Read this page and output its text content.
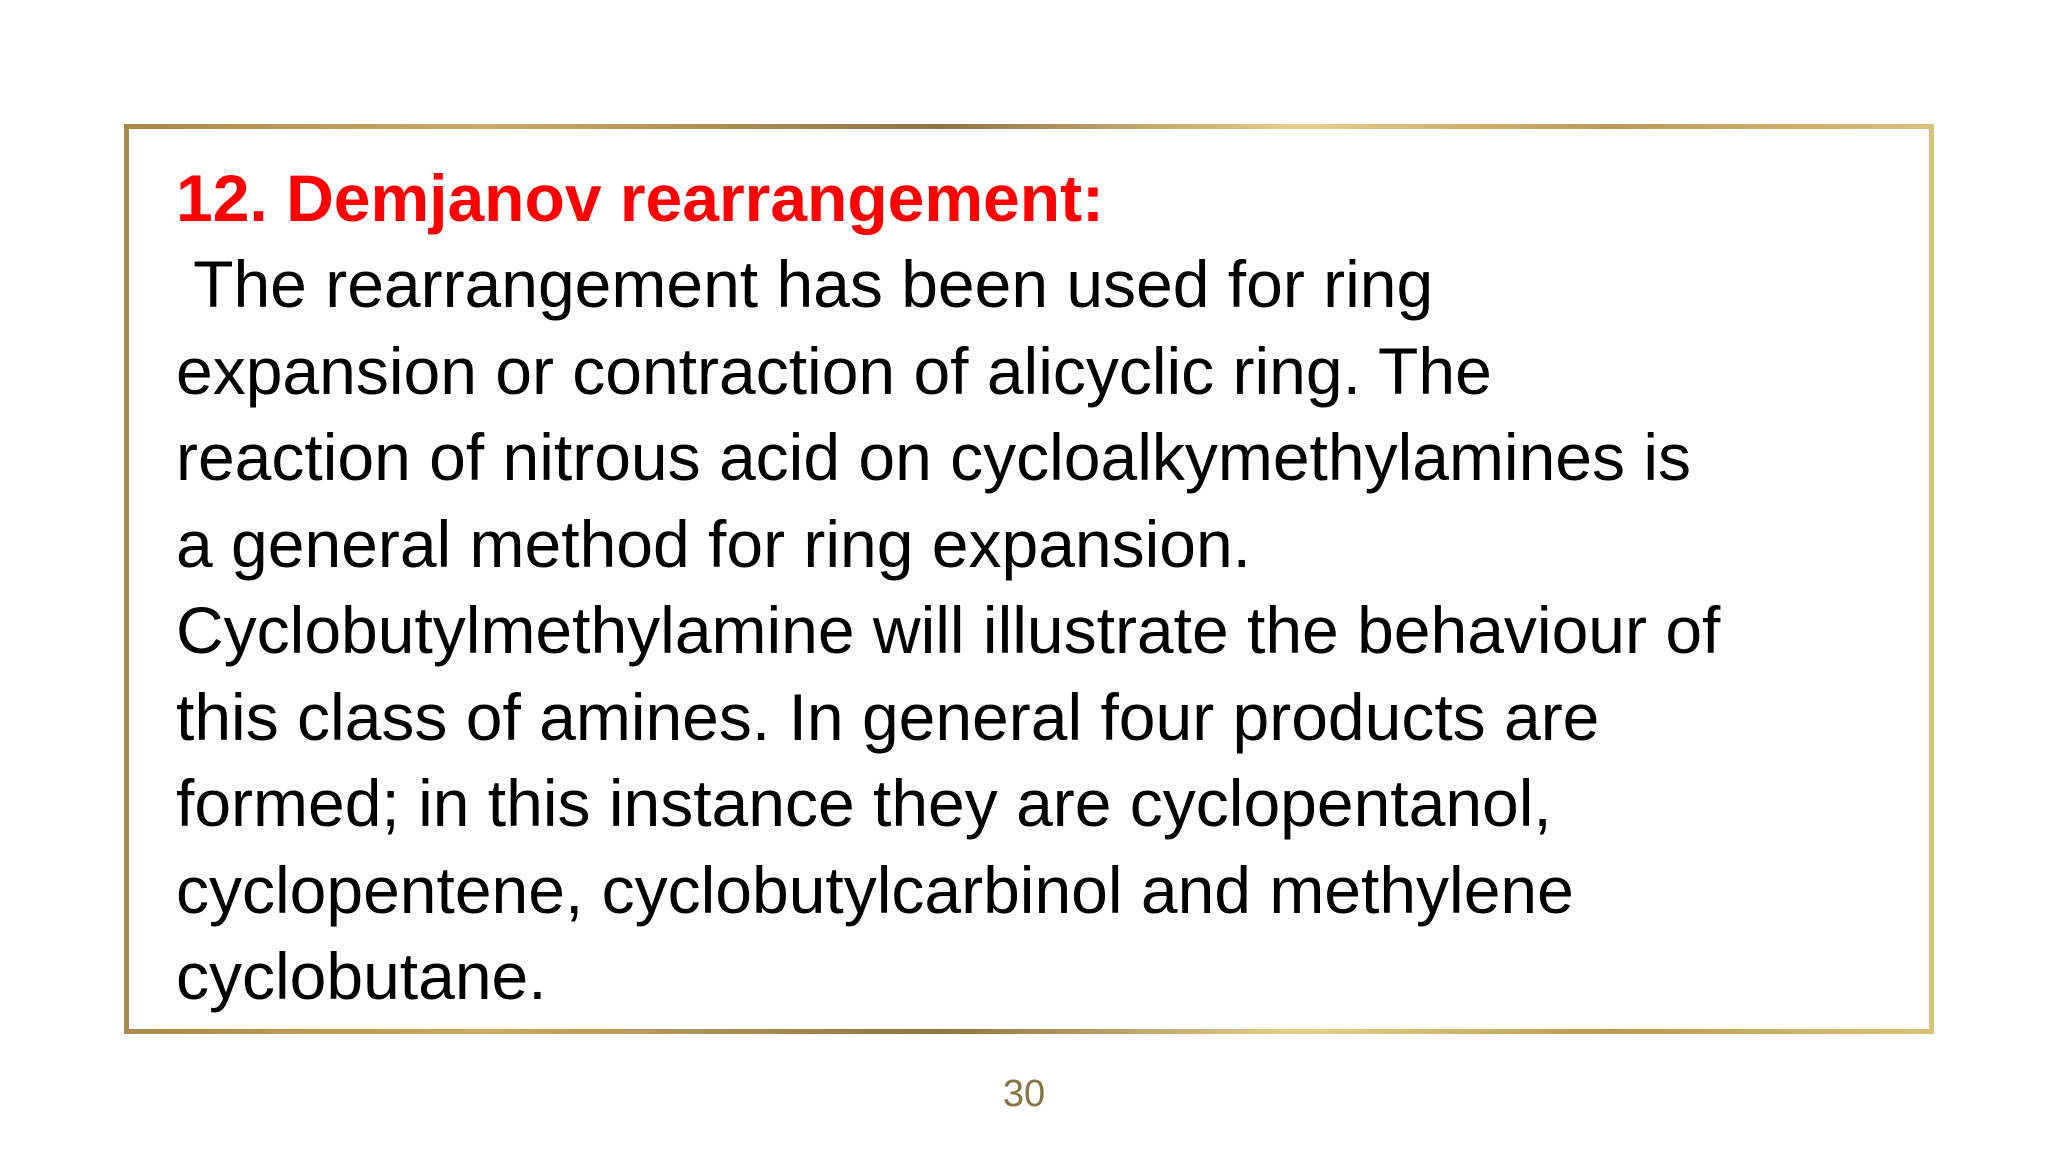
12. Demjanov rearrangement:

The rearrangement has been used for ring
expansion or contraction of alicyclic ring. The
reaction of nitrous acid on cycloalkymethylamines is
a general method for ring expansion.
Cyclobutylmethylamine will illustrate the behaviour of
this class of amines. In general four products are
formed; in this instance they are cyclopentanol,
cyclopentene, cyclobutylcarbinol and methylene
cyclobutane.

30
